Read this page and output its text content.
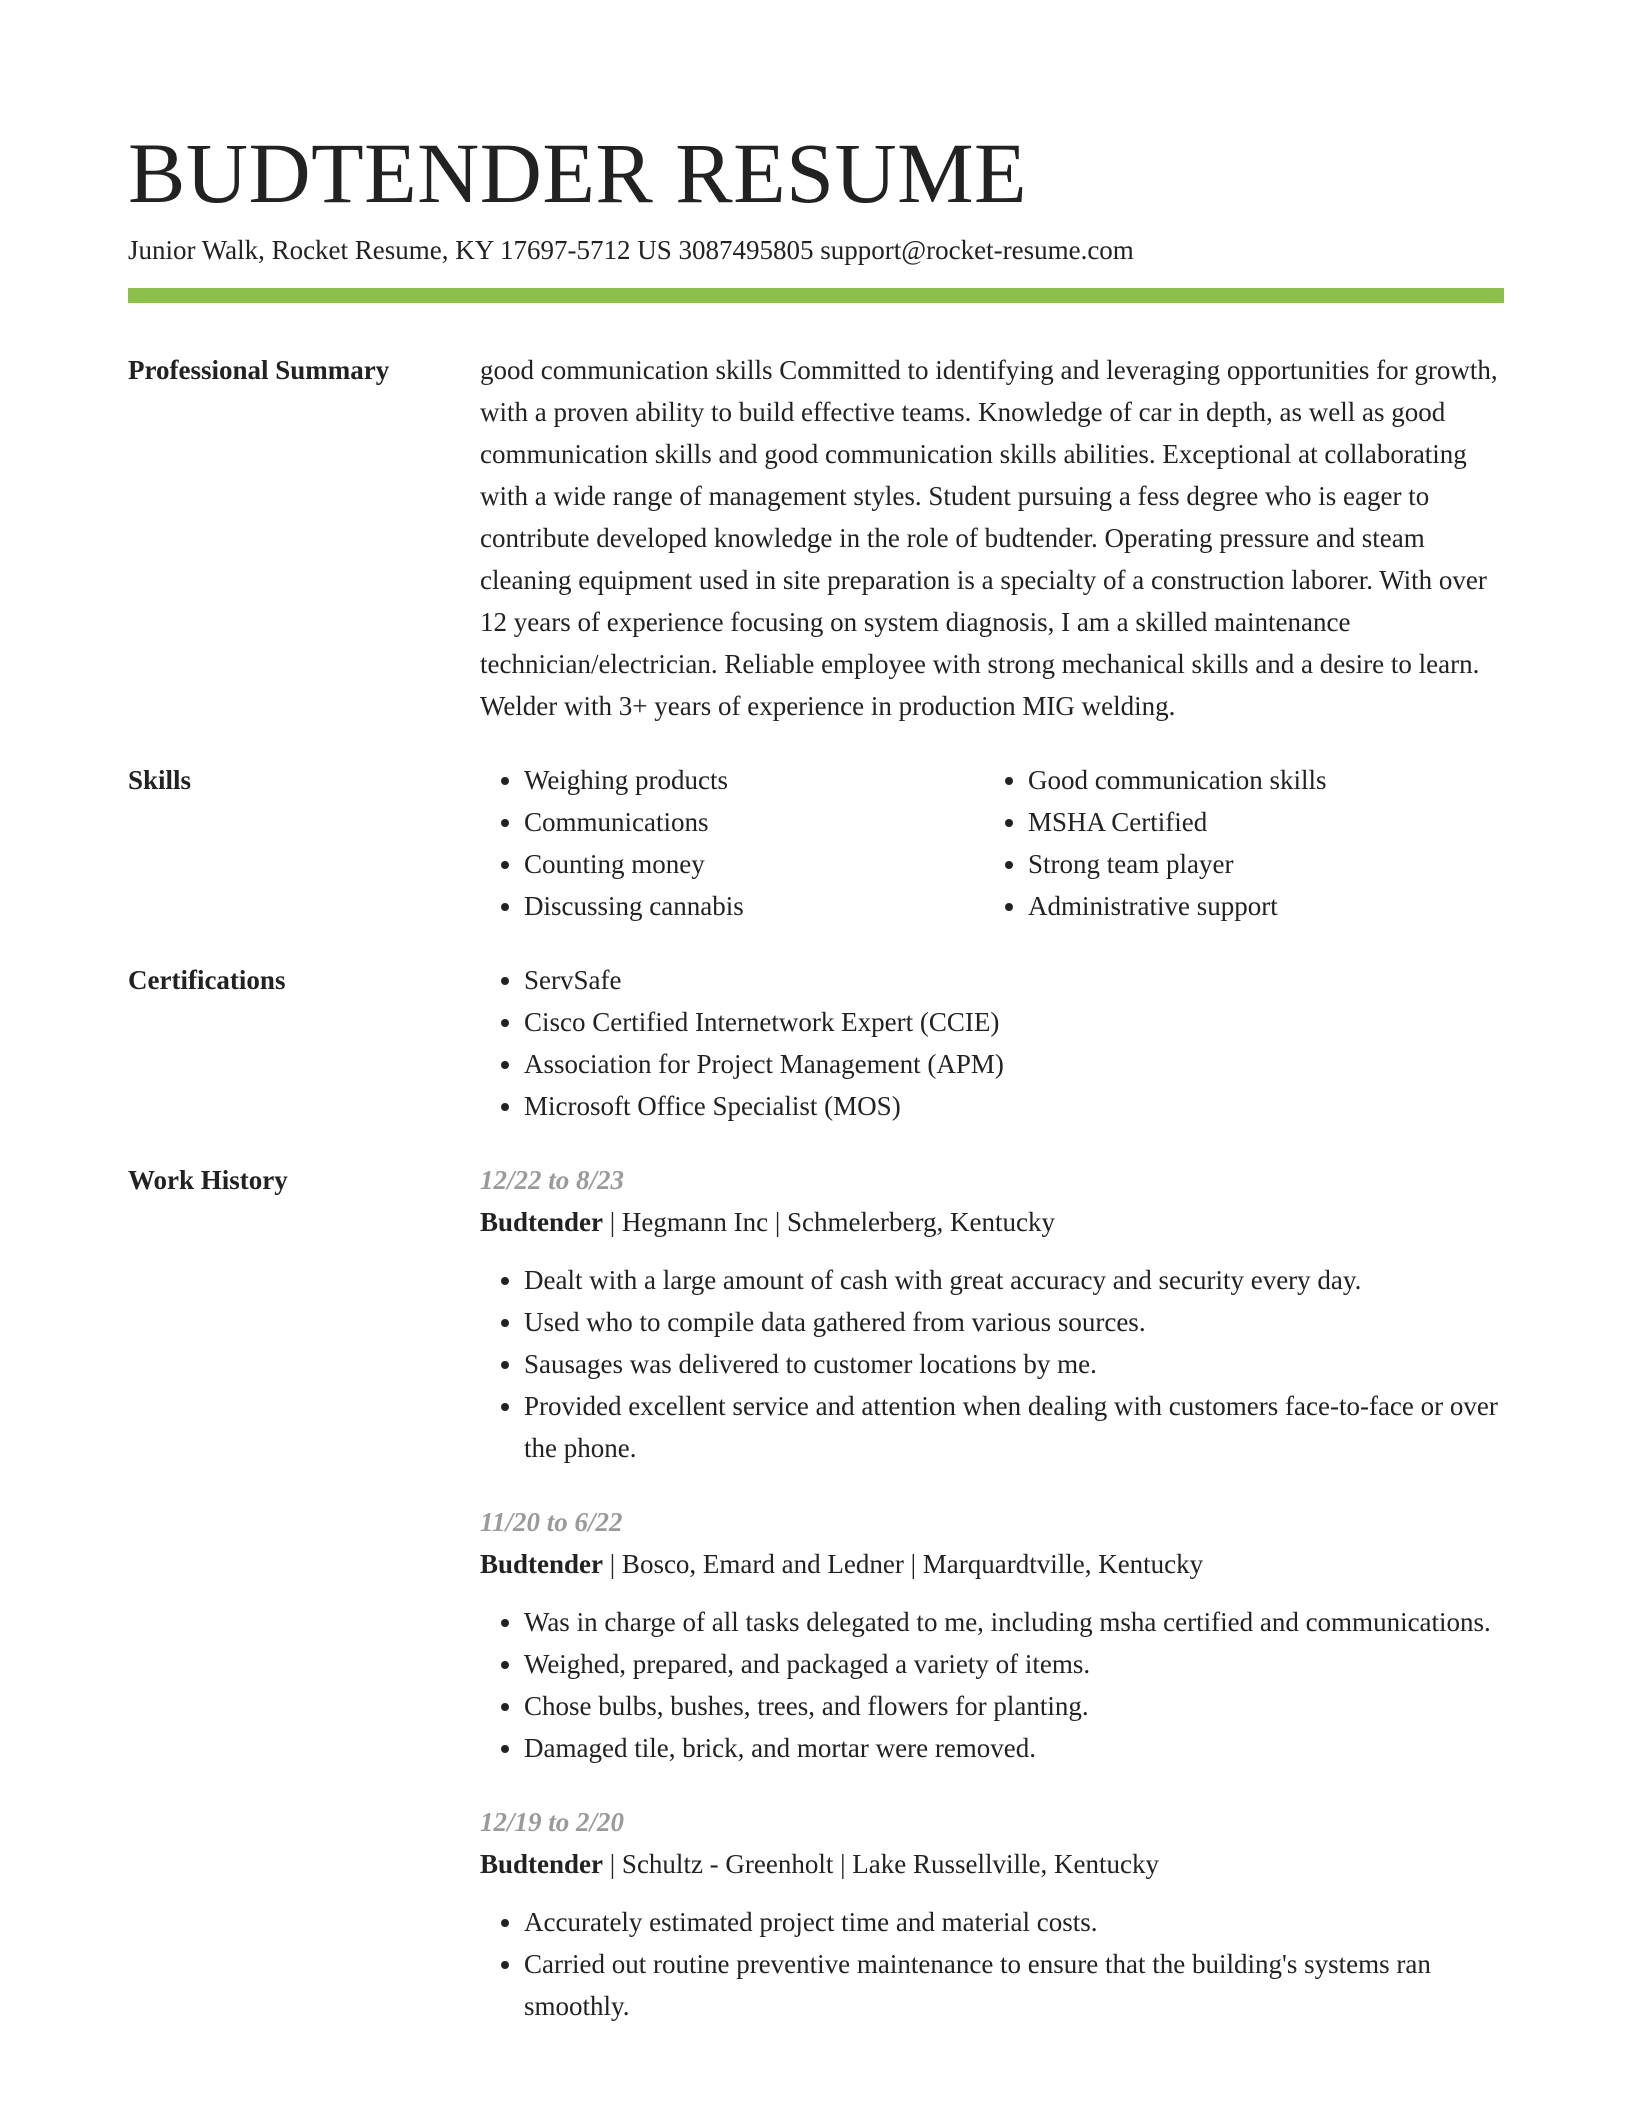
BUDTENDER RESUME
Junior Walk, Rocket Resume, KY 17697-5712 US 3087495805 support@rocket-resume.com
Professional Summary	good communication skills Committed to identifying and leveraging opportunities for growth, with a proven ability to build effective teams. Knowledge of car in depth, as well as good communication skills and good communication skills abilities. Exceptional at collaborating with a wide range of management styles. Student pursuing a fess degree who is eager to contribute developed knowledge in the role of budtender. Operating pressure and steam cleaning equipment used in site preparation is a specialty of a construction laborer. With over 12 years of experience focusing on system diagnosis, I am a skilled maintenance technician/electrician. Reliable employee with strong mechanical skills and a desire to learn. Welder with 3+ years of experience in production MIG welding.
Skills	• Weighing products
• Communications
• Counting money
• Discussing cannabis
• Good communication skills
• MSHA Certified
• Strong team player
• Administrative support
Certifications	• ServSafe
• Cisco Certified Internetwork Expert (CCIE)
• Association for Project Management (APM)
• Microsoft Office Specialist (MOS)
Work History	12/22 to 8/23
Budtender | Hegmann Inc | Schmelerberg, Kentucky
• Dealt with a large amount of cash with great accuracy and security every day.
• Used who to compile data gathered from various sources.
• Sausages was delivered to customer locations by me.
• Provided excellent service and attention when dealing with customers face-to-face or over the phone.
11/20 to 6/22
Budtender | Bosco, Emard and Ledner | Marquardtville, Kentucky
• Was in charge of all tasks delegated to me, including msha certified and communications.
• Weighed, prepared, and packaged a variety of items.
• Chose bulbs, bushes, trees, and flowers for planting.
• Damaged tile, brick, and mortar were removed.
12/19 to 2/20
Budtender | Schultz - Greenholt | Lake Russellville, Kentucky
• Accurately estimated project time and material costs.
• Carried out routine preventive maintenance to ensure that the building's systems ran smoothly.
